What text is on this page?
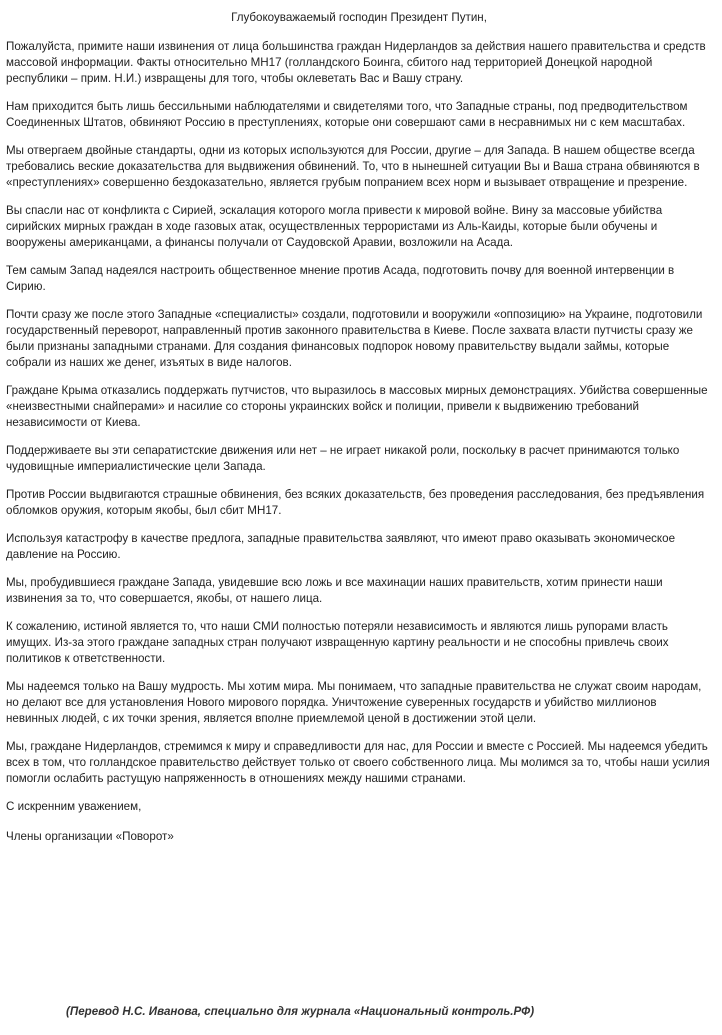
Глубокоуважаемый господин Президент Путин,

Пожалуйста, примите наши извинения от лица большинства граждан Нидерландов за действия нашего правительства и средств массовой информации. Факты относительно MH17 (голландского Боинга, сбитого над территорией Донецкой народной республики – прим. Н.И.) извращены для того, чтобы оклеветать Вас и Вашу страну.

Нам приходится быть лишь бессильными наблюдателями и свидетелями того, что Западные страны, под предводительством Соединенных Штатов, обвиняют Россию в преступлениях, которые они совершают сами в несравнимых ни с кем масштабах.

Мы отвергаем двойные стандарты, одни из которых используются для России, другие – для Запада. В нашем обществе всегда требовались веские доказательства для выдвижения обвинений. То, что в нынешней ситуации Вы и Ваша страна обвиняются в «преступлениях» совершенно бездоказательно, является грубым попранием всех норм и вызывает отвращение и презрение.

Вы спасли нас от конфликта с Сирией, эскалация которого могла привести к мировой войне. Вину за массовые убийства сирийских мирных граждан в ходе газовых атак, осуществленных террористами из Аль-Каиды, которые были обучены и вооружены американцами, а финансы получали от Саудовской Аравии, возложили на Асада.

Тем самым Запад надеялся настроить общественное мнение против Асада, подготовить почву для военной интервенции в Сирию.

Почти сразу же после этого Западные «специалисты» создали, подготовили и вооружили «оппозицию» на Украине, подготовили государственный переворот, направленный против законного правительства в Киеве. После захвата власти путчисты сразу же были признаны западными странами. Для создания финансовых подпорок новому правительству выдали займы, которые собрали из наших же денег, изъятых в виде налогов.

Граждане Крыма отказались поддержать путчистов, что выразилось в массовых мирных демонстрациях. Убийства совершенные «неизвестными снайперами» и насилие со стороны украинских войск и полиции, привели к выдвижению требований независимости от Киева.

Поддерживаете вы эти сепаратистские движения или нет – не играет никакой роли, поскольку в расчет принимаются только чудовищные империалистические цели Запада.

Против России выдвигаются страшные обвинения, без всяких доказательств, без проведения расследования, без предъявления обломков оружия, которым якобы, был сбит MH17.

Используя катастрофу в качестве предлога, западные правительства заявляют, что имеют право оказывать экономическое давление на Россию.

Мы, пробудившиеся граждане Запада, увидевшие всю ложь и все махинации наших правительств, хотим принести наши извинения за то, что совершается, якобы, от нашего лица.

К сожалению, истиной является то, что наши СМИ полностью потеряли независимость и являются лишь рупорами власть имущих. Из-за этого граждане западных стран получают извращенную картину реальности и не способны привлечь своих политиков к ответственности.

Мы надеемся только на Вашу мудрость. Мы хотим мира. Мы понимаем, что западные правительства не служат своим народам, но делают все для установления Нового мирового порядка. Уничтожение суверенных государств и убийство миллионов невинных людей, с их точки зрения, является вполне приемлемой ценой в достижении этой цели.

Мы, граждане Нидерландов, стремимся к миру и справедливости для нас, для России и вместе с Россией. Мы надеемся убедить всех в том, что голландское правительство действует только от своего собственного лица. Мы молимся за то, чтобы наши усилия помогли ослабить растущую напряженность в отношениях между нашими странами.

С искренним уважением,

Члены организации «Поворот»

(Перевод Н.С. Иванова, специально для журнала «Национальный контроль.РФ)
